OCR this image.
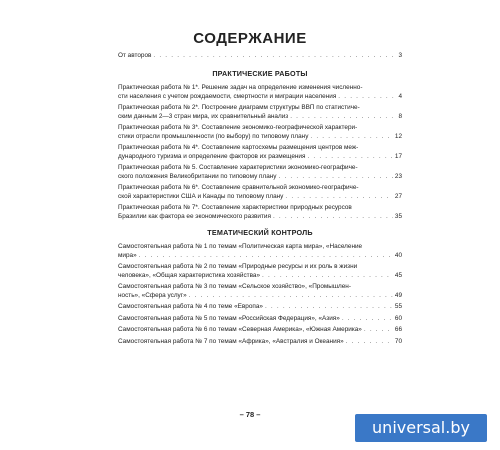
СОДЕРЖАНИЕ
От авторов . . .	3
ПРАКТИЧЕСКИЕ РАБОТЫ
Практическая работа № 1*. Решение задач на определение изменения численно-
сти населения с учетом рождаемости, смертности и миграции населения . . .	4
Практическая работа № 2*. Построение диаграмм структуры ВВП по статистиче-
ским данным 2—3 стран мира, их сравнительный анализ . . .	8
Практическая работа № 3*. Составление экономико-географической характери-
стики отрасли промышленности (по выбору) по типовому плану . . .	12
Практическая работа № 4*. Составление картосхемы размещения центров меж-
дународного туризма и определение факторов их размещения . . .	17
Практическая работа № 5. Составление характеристики экономико-географиче-
ского положения Великобритании по типовому плану . . .	23
Практическая работа № 6*. Составление сравнительной экономико-географиче-
ской характеристики США и Канады по типовому плану . . .	27
Практическая работа № 7*. Составление характеристики природных ресурсов
Бразилии как фактора ее экономического развития . . .	35
ТЕМАТИЧЕСКИЙ КОНТРОЛЬ
Самостоятельная работа № 1 по темам «Политическая карта мира», «Население
мира» . . .	40
Самостоятельная работа № 2 по темам «Природные ресурсы и их роль в жизни
человека», «Общая характеристика хозяйства» . . .	45
Самостоятельная работа № 3 по темам «Сельское хозяйство», «Промышлен-
ность», «Сфера услуг» . . .	49
Самостоятельная работа № 4 по теме «Европа» . . .	55
Самостоятельная работа № 5 по темам «Российская Федерация», «Азия» . . .	60
Самостоятельная работа № 6 по темам «Северная Америка», «Южная Америка» . . .	66
Самостоятельная работа № 7 по темам «Африка», «Австралия и Океания» . . .	70
– 78 –
universal.by
